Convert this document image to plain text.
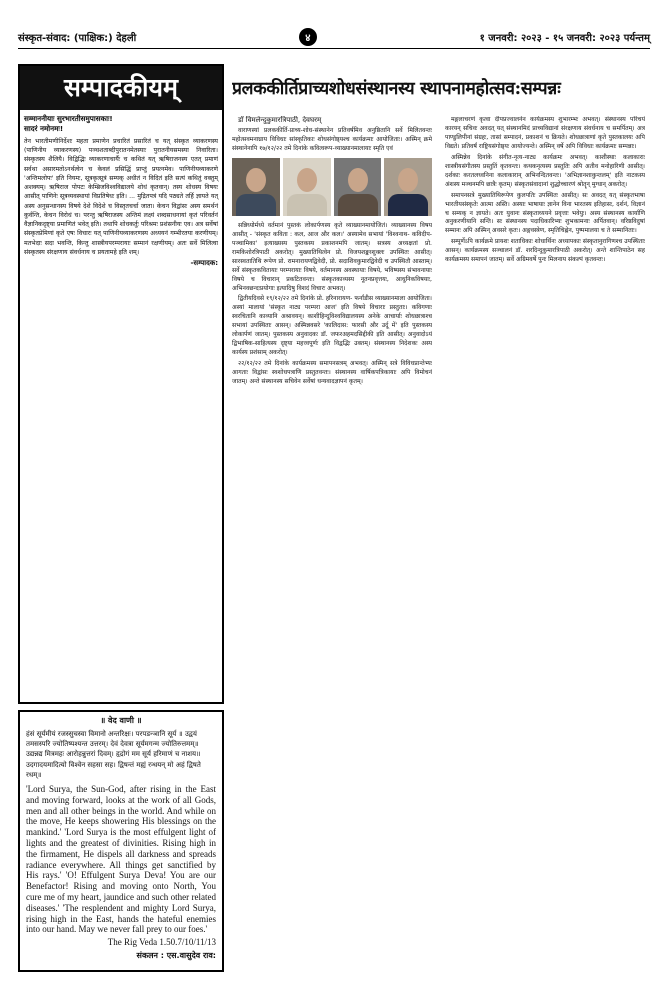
संस्कृत-संवाद: (पाक्षिक:) देहली	४	१ जनवरी: २०२३ - १५ जनवरी: २०२३ पर्यन्तम्
सम्पादकीयम्

सम्माननीयाः सुरभारतीसमुपासकाः!

सादरं नमोनमः!

तेन भारतीमणीनिर्देशः महता प्रमाणेन प्रचारितं प्रसारितं च यत् संस्कृत व्याकरणस्य (पाणिनीय व्याकरणस्य) पञ्चशताब्दीपुरातनमेतस्याः पुरातनीयसमस्या निवारिता। संस्कृतस्य शैलियै। विद्विद्भिः व्याकरणाचार्यैः च कथितं यत् ऋषिराजनस्य एतत् प्रमाणं सर्वथा असारमतोऽनर्थत्वेन च केवलं प्रसिद्धिं प्राप्तुं प्रयत्नमेव। पाणिनीयव्याकरणे 'अन्तिमलोपः' इति नियमः, सूत्रकृत्सूत्रं सम्यक् अधीतं न विदितं इति सत्यं कथितुं वक्तुम् अशक्यम्। ऋषिराज पोपटः केम्ब्रिजविश्वविद्यालये शोधं कृतवान्। तस्य शोधस्य विषयः आसीत् पाणिनेः सूत्रव्यवस्थायां विप्रतिषेधः इति। ... मुद्रितपत्रं यदि पठ्यते तर्हि ज्ञायते यत् अस्य अनुसन्धानस्य विषये देशे विदेशे च विस्तृतचर्चा जाता। केचन विद्वांसः अस्य समर्थनं कुर्वन्ति, केचन विरोधं च। परन्तु ऋषिराजस्य अन्तिमं लक्ष्यं शब्दसाधनायां कृतं परिवर्तनं वैज्ञानिकदृष्ट्या प्रमाणितं भवेत् इति। तथापि शोधकर्तुः परिश्रमः प्रशंसनीयः एव। अत्र सर्वेषां संस्कृतप्रेमिणां कृते एषः विचारः यत् पाणिनीयव्याकरणस्य अध्ययनं गम्भीरतया करणीयम्। मतभेदाः सदा भवन्ति, किन्तु शास्त्रीयपरम्परायाः सम्मानं रक्षणीयम्। अतः सर्वे मिलित्वा संस्कृतस्य संरक्षणाय संवर्धनाय च प्रयतामहे इति शम्।
-सम्पादक:
॥ वेद वाणी ॥
हंसं सूर्यमीयं रजस्सुचस्वा विमानो अन्तरिक्षः। परपडन्ञानि सूर्य ॥ उद्वयं तमसस्परि ज्योतिष्पश्यन्त उत्तरम्। देवं देवत्रा सूर्यमगन्म ज्योतिरुत्तमम्॥ उद्यन्नद्य मित्रमहः आरोहन्नुत्तरां दिवम्। हृद्रोगं मम सूर्य हरिमाणं च नाशय॥ उदगादयमादित्यो विश्वेन सहसा सह। द्विषन्तं मह्यं रन्धयन् मो अहं द्विषते रधम्॥
'Lord Surya, the Sun-God, after rising in the East and moving forward, looks at the work of all Gods, men and all other beings in the world. And while on the move, He keeps showering His blessings on the mankind.' 'Lord Surya is the most effulgent light of lights and the greatest of divinities. Rising high in the firmament, He dispels all darkness and spreads radiance everywhere. All things get sanctified by His rays.' 'O! Effulgent Surya Deva! You are our Benefactor! Rising and moving onto North, You cure me of my heart, jaundice and such other related diseases.' 'The resplendent and mighty Lord Surya, rising high in the East, hands the hateful enemies into our hand. May we never fall prey to our foes.'
The Rig Veda 1.50.7/10/11/13
संकलन : एस.वासुदेव राव:
प्रलककीर्तिप्राच्यशोधसंस्थानस्य स्थापनामहोत्सव:सम्पन्नः

डॉ विमलेन्दुकुमारत्रिपाठी, देवघरम्

वाराणस्यां प्रलककीर्ति-प्राच्य-शोध-संस्थानेन प्रतिवर्षमिव अनुष्ठितानि सर्वे मिलितवन्तः महोत्सवमनाघ्राय विविधाः सांस्कृतिकाः शोधसंगोष्ठ्यश्च कार्यक्रमाः आयोजिताः। अस्मिन् क्रमे संस्थानेनापि १७/१२/२२ तमे दिनांके कवित्वरूप-व्याख्यानमालायाः स्मृति एवं

सन्निध्योर्मध्ये वर्तमानं पुस्तकं लोकार्पणस्य कृते व्याख्यानमायोजितं। व्याख्यानस्य विषय आसीत् - 'संस्कृत कविता : कल, आज और कल।' अस्यामेव सभायां 'विश्वनाथ- कविदीप-पञ्चामिका' इत्याख्यस्य पुस्तकस्य प्रकाशनमपि जातम्। सत्रस्य अध्यक्षतां प्रो. रामकिशोरत्रिपाठी अकरोत्। मुख्यातिथित्वेन प्रो. विजयशङ्करशुक्लः उपस्थितः आसीत्। सारस्वतातिथि रूपेण प्रो. रामनारायणद्विवेदी, प्रो. सदाशिवकुमारद्विवेदी च उपस्थितौ आस्ताम्। सर्वे संस्कृतकवितायाः परम्परायाः विषये, वर्तमानस्य अवस्थायाः विषये, भविष्यस्य संभावनायाः विषये च विचारान् प्रकटितवन्तः। संस्कृतकाव्यस्य नूतनप्रवृत्तयः, आधुनिकविषयाः, अभिनवछन्दःप्रयोगाः इत्यादिषु विशदं विचारः अभवत्।

द्वितीयदिवसे १९/१२/२२ तमे दिनांके प्रो. हरिनारायण- फर्नांडीस व्याख्यानमाला आयोजिता। अस्यां मालायां 'संस्कृत नाट्य परम्परा आज' इति विषये विचाराः प्रस्तुताः। कविगणाः स्वरचितानि काव्यानि अश्रावयन्। काशीहिन्दूविश्वविद्यालयस्य अनेके आचार्याः शोधछात्राश्च सभायां उपस्थिताः आसन्। अस्मिन्नवसरे 'कालिदास: फारसी और उर्दू में' इति पुस्तकस्य लोकार्पणं जातम्। पुस्तकस्य अनुवादकः डॉ. जफरअहमदसिद्दीकी इति आसीत्। अनुवादोऽयं द्विभाषिक-साहित्यस्य दृष्ट्या महत्त्वपूर्णः इति विद्वद्भिः उक्तम्। संस्थानस्य निदेशकः अस्य कार्यस्य प्रशंसाम् अकरोत्।

२२/१२/२२ तमे दिनांके कार्यक्रमस्य समापनसत्रम् अभवत्। अस्मिन् सत्रे विविधप्रान्तेभ्यः आगताः विद्वांसः स्वशोधपत्राणि प्रस्तुतवन्तः। संस्थानस्य वार्षिकपत्रिकायाः अपि विमोचनं जातम्। अन्ते संस्थानस्य सचिवेन सर्वेषां धन्यवादज्ञापनं कृतम्।

मङ्गलाचरणं कृत्वा दीपप्रज्वालनेन कार्यक्रमस्य शुभारम्भः अभवत्। संस्थानस्य परिचयं कारयन् सचिवः अवदत् यत् संस्थानमिदं प्राच्यविद्यानां संरक्षणाय संवर्धनाय च समर्पितम्। अत्र पाण्डुलिपीनां संग्रहः, तासां सम्पादनं, प्रकाशनं च क्रियते। शोधछात्राणां कृते पुस्तकालयः अपि विद्यते। प्रतिवर्षं राष्ट्रियसंगोष्ठ्यः आयोज्यन्ते। अस्मिन् वर्षे अपि विविधाः कार्यक्रमाः सम्पन्नाः।

अस्मिन्नेव दिनांके संगीत-नृत्य-नाट्य कार्यक्रमः अभवत्। काशीस्थाः कलाकाराः शास्त्रीयसंगीतस्य प्रस्तुतिं कृतवन्तः। कथकनृत्यस्य प्रस्तुतिः अपि अतीव मनोहारिणी आसीत्। दर्शकाः करतलध्वनिना कलाकारान् अभिनन्दितवन्तः। 'अभिज्ञानशाकुन्तलम्' इति नाटकस्य अंशस्य मञ्चनमपि छात्रैः कृतम्। संस्कृतसंवादानां शुद्धोच्चारणं श्रोतॄन् मुग्धान् अकरोत्।

समापनसत्रे मुख्यातिथिरूपेण कुलपतिः उपस्थितः आसीत्। सः अवदत् यत् संस्कृतभाषा भारतीयसंस्कृतेः आत्मा अस्ति। अस्याः भाषायाः ज्ञानेन विना भारतस्य इतिहासः, दर्शनं, विज्ञानं च सम्यक् न ज्ञायते। अतः युवानः संस्कृताध्ययने प्रवृत्ताः भवेयुः। अस्य संस्थानस्य कार्याणि अनुकरणीयानि सन्ति। सः संस्थानस्य पदाधिकारिभ्यः शुभकामनाः अर्पितवान्। वरिष्ठविदुषां सम्मानः अपि अस्मिन् अवसरे कृतः। अङ्गवस्त्रेण, स्मृतिचिह्नेन, पुष्पमालया च ते सम्मानिताः।

सम्पूर्णेऽपि कार्यक्रमे प्रायशः शताधिकाः शोधार्थिनः अध्यापकाः संस्कृतानुरागिणश्च उपस्थिताः आसन्। कार्यक्रमस्य सञ्चालनं डॉ. शरदिन्दुकुमारत्रिपाठी अकरोत्। अन्ते शान्तिपाठेन सह कार्यक्रमस्य समापनं जातम्। सर्वे अग्रिमवर्षे पुनः मिलनाय संकल्पं कृतवन्तः।
